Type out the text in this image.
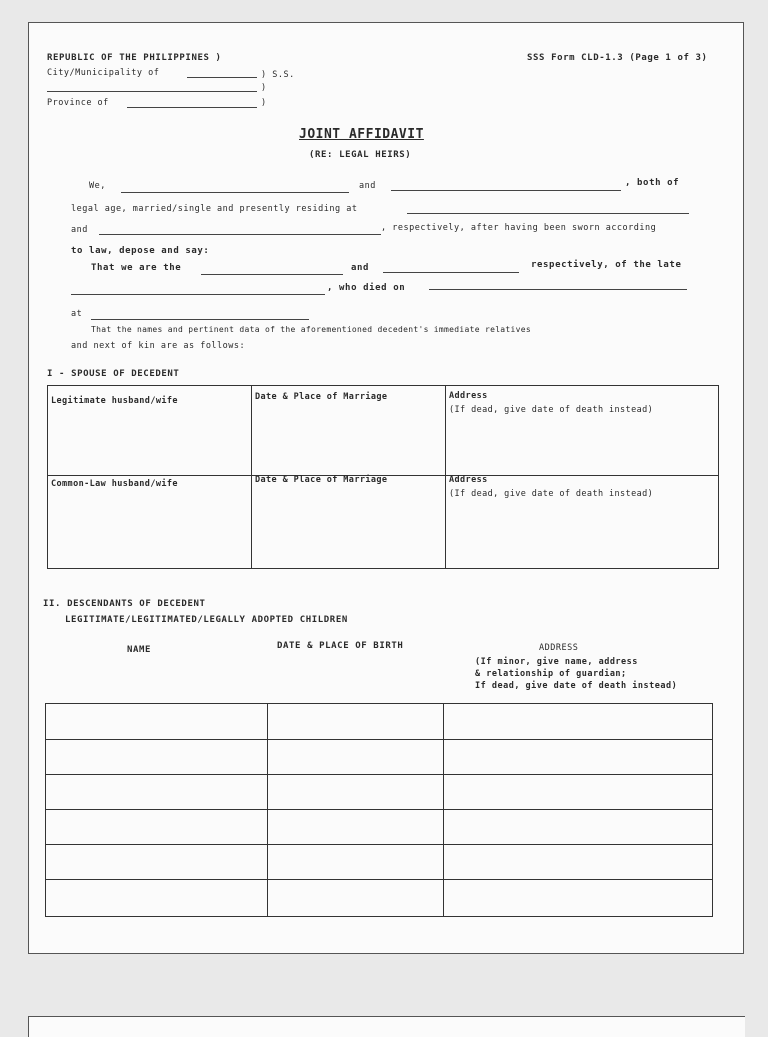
REPUBLIC OF THE PHILIPPINES )
City/Municipality of	) S.S.
)
Province of	)
SSS Form CLD-1.3 (Page 1 of 3)
JOINT AFFIDAVIT
(RE: LEGAL HEIRS)
We,	and	, both of
legal age, married/single and presently residing at
and	, respectively, after having been sworn according
to law, depose and say:
That we are the	and	respectively, of the late
, who died on
at
That the names and pertinent data of the aforementioned decedent's immediate relatives
and next of kin are as follows:
I - SPOUSE OF DECEDENT
Legitimate husband/wife	Date & Place of Marriage	Address
(If dead, give date of death instead)
Common-Law husband/wife	Date & Place of Marriage	Address
(If dead, give date of death instead)
II. DESCENDANTS OF DECEDENT
LEGITIMATE/LEGITIMATED/LEGALLY ADOPTED CHILDREN
NAME	DATE & PLACE OF BIRTH	ADDRESS
(If minor, give name, address
& relationship of guardian;
If dead, give date of death instead)
